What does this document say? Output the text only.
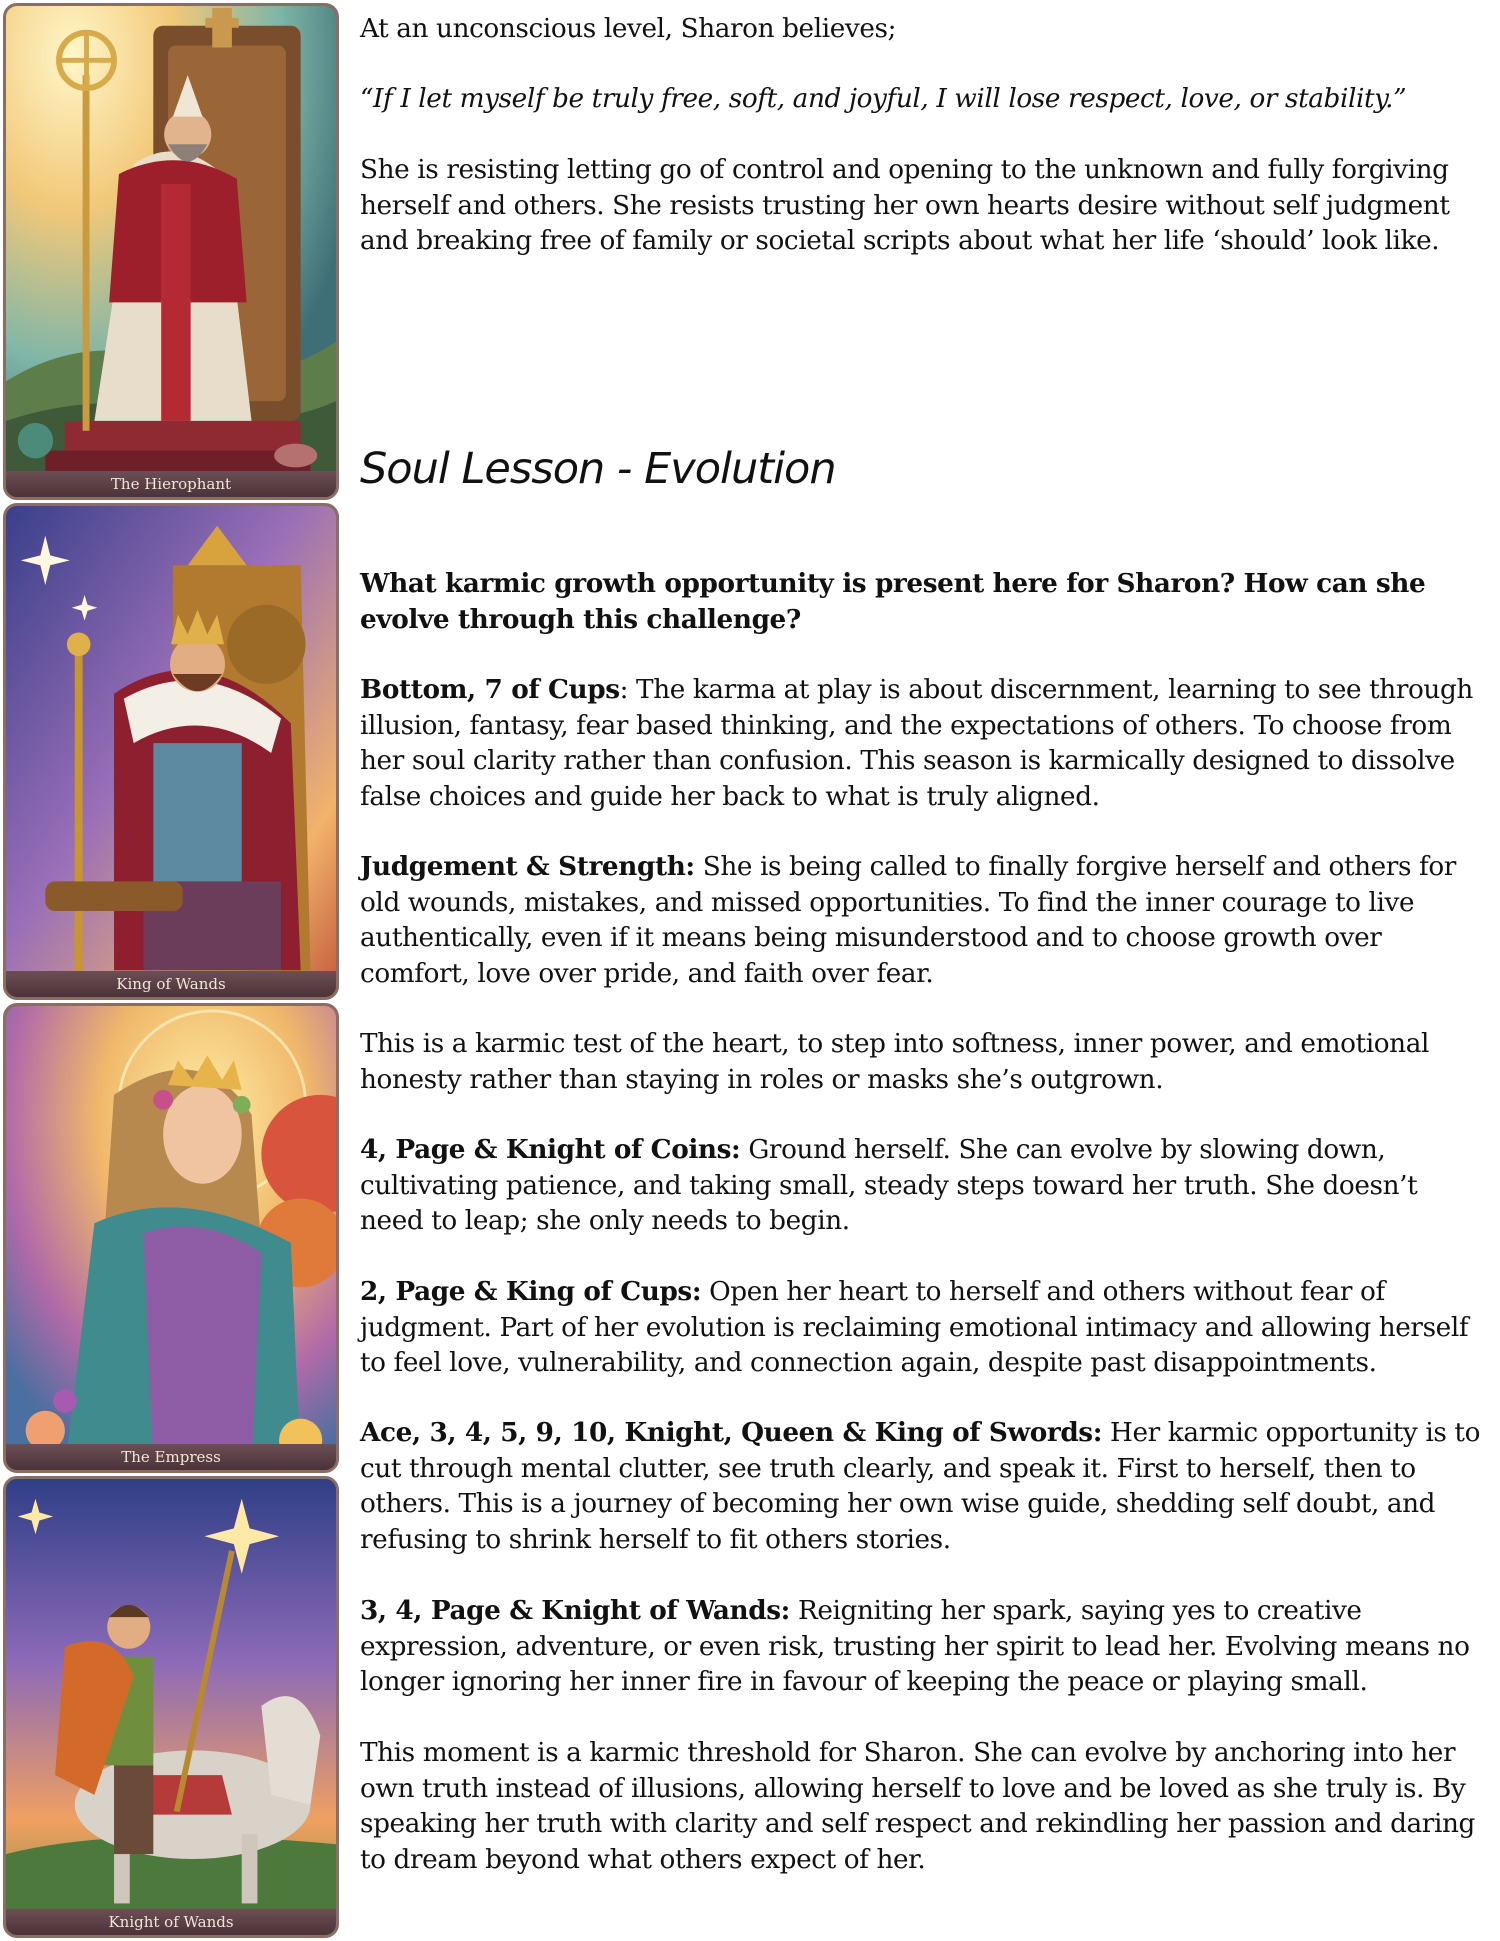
The Hierophant
King of Wands
The Empress
Knight of Wands

At an unconscious level, Sharon believes;

“If I let myself be truly free, soft, and joyful, I will lose respect, love, or stability.”

She is resisting letting go of control and opening to the unknown and fully forgiving herself and others. She resists trusting her own hearts desire without self judgment and breaking free of family or societal scripts about what her life ‘should’ look like.

Soul Lesson - Evolution

What karmic growth opportunity is present here for Sharon? How can she evolve through this challenge?

Bottom, 7 of Cups: The karma at play is about discernment, learning to see through illusion, fantasy, fear based thinking, and the expectations of others. To choose from her soul clarity rather than confusion. This season is karmically designed to dissolve false choices and guide her back to what is truly aligned.

Judgement & Strength: She is being called to finally forgive herself and others for old wounds, mistakes, and missed opportunities. To find the inner courage to live authentically, even if it means being misunderstood and to choose growth over comfort, love over pride, and faith over fear.

This is a karmic test of the heart, to step into softness, inner power, and emotional honesty rather than staying in roles or masks she’s outgrown.

4, Page & Knight of Coins: Ground herself. She can evolve by slowing down, cultivating patience, and taking small, steady steps toward her truth. She doesn’t need to leap; she only needs to begin.

2, Page & King of Cups: Open her heart to herself and others without fear of judgment. Part of her evolution is reclaiming emotional intimacy and allowing herself to feel love, vulnerability, and connection again, despite past disappointments.

Ace, 3, 4, 5, 9, 10, Knight, Queen & King of Swords: Her karmic opportunity is to cut through mental clutter, see truth clearly, and speak it. First to herself, then to others. This is a journey of becoming her own wise guide, shedding self doubt, and refusing to shrink herself to fit others stories.

3, 4, Page & Knight of Wands: Reigniting her spark, saying yes to creative expression, adventure, or even risk, trusting her spirit to lead her. Evolving means no longer ignoring her inner fire in favour of keeping the peace or playing small.

This moment is a karmic threshold for Sharon. She can evolve by anchoring into her own truth instead of illusions, allowing herself to love and be loved as she truly is. By speaking her truth with clarity and self respect and rekindling her passion and daring to dream beyond what others expect of her.
